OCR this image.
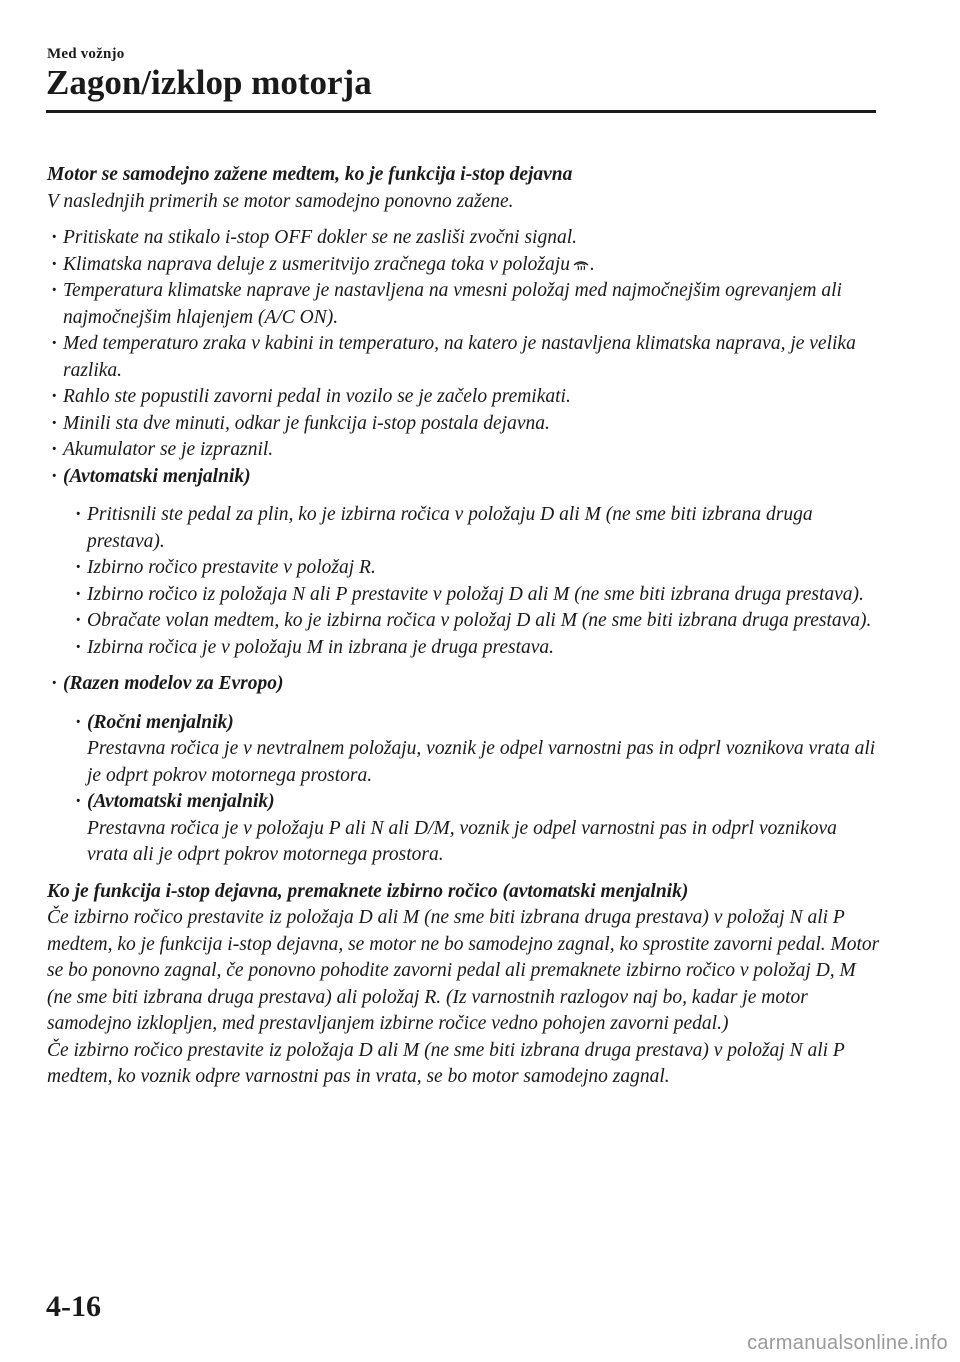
Med vožnjo
Zagon/izklop motorja
Motor se samodejno zažene medtem, ko je funkcija i-stop dejavna
V naslednjih primerih se motor samodejno ponovno zažene.
· Pritiskate na stikalo i-stop OFF dokler se ne zasliši zvočni signal.
· Klimatska naprava deluje z usmeritvijo zračnega toka v položaju .
· Temperatura klimatske naprave je nastavljena na vmesni položaj med najmočnejšim ogrevanjem ali najmočnejšim hlajenjem (A/C ON).
· Med temperaturo zraka v kabini in temperaturo, na katero je nastavljena klimatska naprava, je velika razlika.
· Rahlo ste popustili zavorni pedal in vozilo se je začelo premikati.
· Minili sta dve minuti, odkar je funkcija i-stop postala dejavna.
· Akumulator se je izpraznil.
· (Avtomatski menjalnik)
· Pritisnili ste pedal za plin, ko je izbirna ročica v položaju D ali M (ne sme biti izbrana druga prestava).
· Izbirno ročico prestavite v položaj R.
· Izbirno ročico iz položaja N ali P prestavite v položaj D ali M (ne sme biti izbrana druga prestava).
· Obračate volan medtem, ko je izbirna ročica v položaj D ali M (ne sme biti izbrana druga prestava).
· Izbirna ročica je v položaju M in izbrana je druga prestava.
· (Razen modelov za Evropo)
· (Ročni menjalnik)
Prestavna ročica je v nevtralnem položaju, voznik je odpel varnostni pas in odprl voznikova vrata ali je odprt pokrov motornega prostora.
· (Avtomatski menjalnik)
Prestavna ročica je v položaju P ali N ali D/M, voznik je odpel varnostni pas in odprl voznikova vrata ali je odprt pokrov motornega prostora.
Ko je funkcija i-stop dejavna, premaknete izbirno ročico (avtomatski menjalnik)

Če izbirno ročico prestavite iz položaja D ali M (ne sme biti izbrana druga prestava) v položaj N ali P medtem, ko je funkcija i-stop dejavna, se motor ne bo samodejno zagnal, ko sprostite zavorni pedal. Motor se bo ponovno zagnal, če ponovno pohodite zavorni pedal ali premaknete izbirno ročico v položaj D, M (ne sme biti izbrana druga prestava) ali položaj R. (Iz varnostnih razlogov naj bo, kadar je motor samodejno izklopljen, med prestavljanjem izbirne ročice vedno pohojen zavorni pedal.)

Če izbirno ročico prestavite iz položaja D ali M (ne sme biti izbrana druga prestava) v položaj N ali P medtem, ko voznik odpre varnostni pas in vrata, se bo motor samodejno zagnal.

4-16
carmanualsonline.info
